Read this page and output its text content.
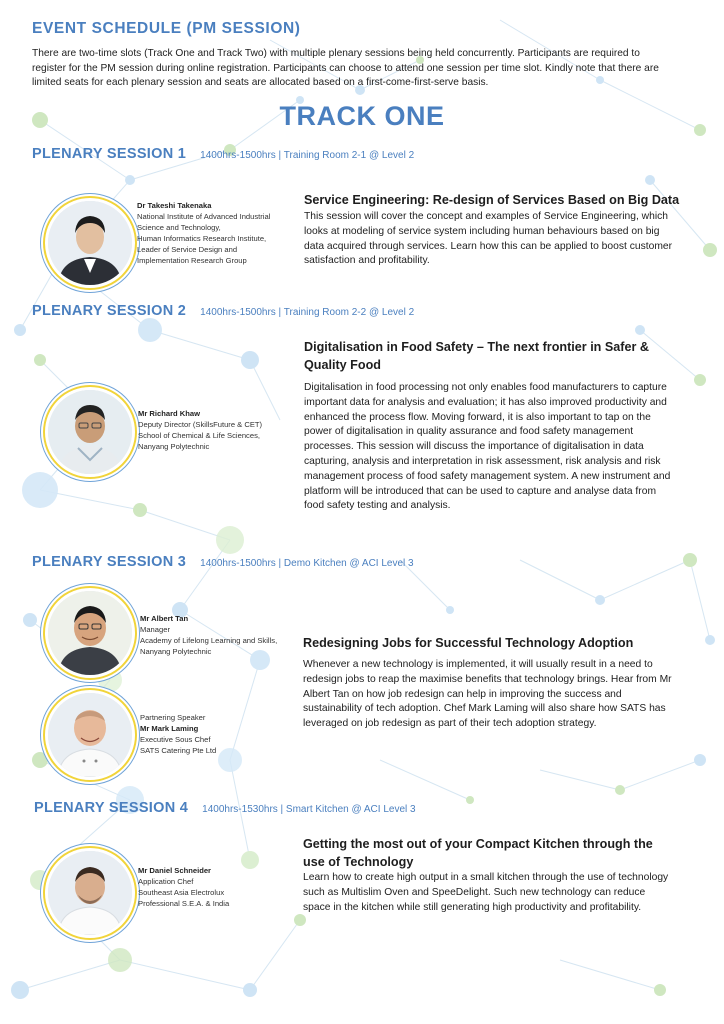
EVENT SCHEDULE (PM SESSION)
There are two-time slots (Track One and Track Two) with multiple plenary sessions being held concurrently. Participants are required to register for the PM session during online registration. Participants can choose to attend one session per time slot. Kindly note that there are limited seats for each plenary session and seats are allocated based on a first-come-first-serve basis.
TRACK ONE
PLENARY SESSION 1 1400hrs-1500hrs | Training Room 2-1 @ Level 2
Dr Takeshi Takenaka
National Institute of Advanced Industrial
Science and Technology,
Human Informatics Research Institute,
Leader of Service Design and
Implementation Research Group
Service Engineering: Re-design of Services Based on Big Data
This session will cover the concept and examples of Service Engineering, which looks at modeling of service system including human behaviours based on big data acquired through services. Learn how this can be applied to boost customer satisfaction and profitability.
PLENARY SESSION 2 1400hrs-1500hrs | Training Room 2-2 @ Level 2
Mr Richard Khaw
Deputy Director (SkillsFuture & CET)
School of Chemical & Life Sciences,
Nanyang Polytechnic
Digitalisation in Food Safety – The next frontier in Safer & Quality Food
Digitalisation in food processing not only enables food manufacturers to capture important data for analysis and evaluation; it has also improved productivity and enhanced the process flow. Moving forward, it is also important to tap on the power of digitalisation in quality assurance and food safety management processes. This session will discuss the importance of digitalisation in data capturing, analysis and interpretation in risk assessment, risk analysis and risk management process of food safety management system. A new instrument and platform will be introduced that can be used to capture and analyse data from food safety testing and analysis.
PLENARY SESSION 3 1400hrs-1500hrs | Demo Kitchen @ ACI Level 3
Mr Albert Tan
Manager
Academy of Lifelong Learning and Skills,
Nanyang Polytechnic
Partnering Speaker
Mr Mark Laming
Executive Sous Chef
SATS Catering Pte Ltd
Redesigning Jobs for Successful Technology Adoption
Whenever a new technology is implemented, it will usually result in a need to redesign jobs to reap the maximise benefits that technology brings. Hear from Mr Albert Tan on how job redesign can help in improving the success and sustainability of tech adoption. Chef Mark Laming will also share how SATS has leveraged on job redesign as part of their tech adoption strategy.
PLENARY SESSION 4 1400hrs-1530hrs | Smart Kitchen @ ACI Level 3
Mr Daniel Schneider
Application Chef
Southeast Asia Electrolux
Professional S.E.A. & India
Getting the most out of your Compact Kitchen through the use of Technology
Learn how to create high output in a small kitchen through the use of technology such as Multislim Oven and SpeeDelight. Such new technology can reduce space in the kitchen while still generating high productivity and profitability.
